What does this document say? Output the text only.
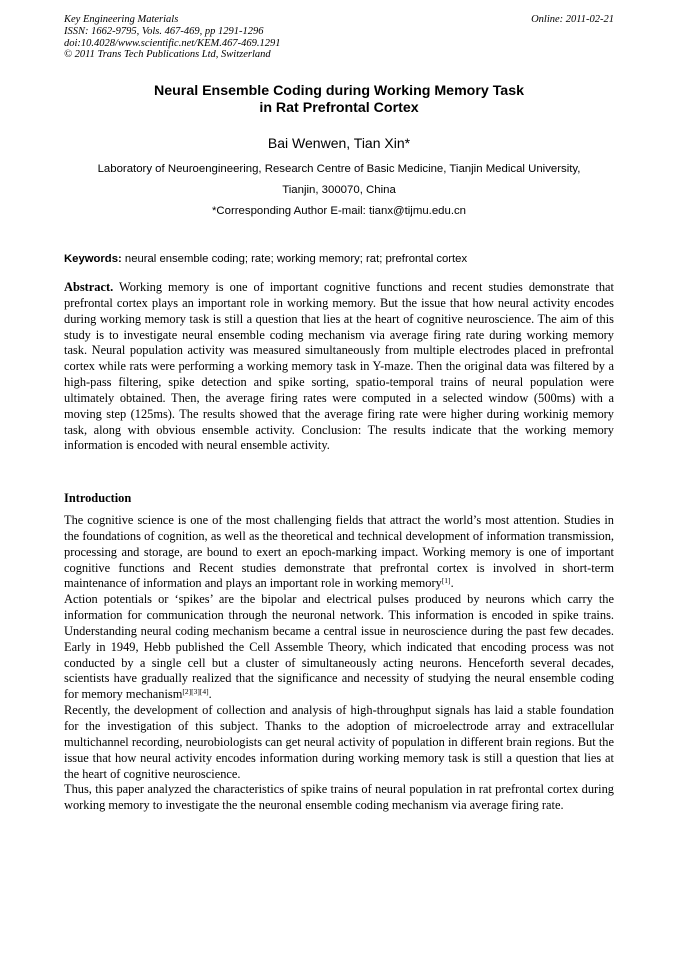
Key Engineering Materials
ISSN: 1662-9795, Vols. 467-469, pp 1291-1296
doi:10.4028/www.scientific.net/KEM.467-469.1291
© 2011 Trans Tech Publications Ltd, Switzerland
Online: 2011-02-21
Neural Ensemble Coding during Working Memory Task
in Rat Prefrontal Cortex
Bai Wenwen, Tian Xin*
Laboratory of Neuroengineering, Research Centre of Basic Medicine, Tianjin Medical University,
Tianjin, 300070, China
*Corresponding Author E-mail: tianx@tijmu.edu.cn
Keywords: neural ensemble coding; rate; working memory; rat; prefrontal cortex
Abstract. Working memory is one of important cognitive functions and recent studies demonstrate that prefrontal cortex plays an important role in working memory. But the issue that how neural activity encodes during working memory task is still a question that lies at the heart of cognitive neuroscience. The aim of this study is to investigate neural ensemble coding mechanism via average firing rate during working memory task. Neural population activity was measured simultaneously from multiple electrodes placed in prefrontal cortex while rats were performing a working memory task in Y-maze. Then the original data was filtered by a high-pass filtering, spike detection and spike sorting, spatio-temporal trains of neural population were ultimately obtained. Then, the average firing rates were computed in a selected window (500ms) with a moving step (125ms). The results showed that the average firing rate were higher during workinig memory task, along with obvious ensemble activity. Conclusion: The results indicate that the working memory information is encoded with neural ensemble activity.
Introduction

The cognitive science is one of the most challenging fields that attract the world’s most attention. Studies in the foundations of cognition, as well as the theoretical and technical development of information transmission, processing and storage, are bound to exert an epoch-marking impact. Working memory is one of important cognitive functions and Recent studies demonstrate that prefrontal cortex is involved in short-term maintenance of information and plays an important role in working memory[1].

Action potentials or ‘spikes’ are the bipolar and electrical pulses produced by neurons which carry the information for communication through the neuronal network. This information is encoded in spike trains. Understanding neural coding mechanism became a central issue in neuroscience during the past few decades. Early in 1949, Hebb published the Cell Assemble Theory, which indicated that encoding process was not conducted by a single cell but a cluster of simultaneously acting neurons. Henceforth several decades, scientists have gradually realized that the significance and necessity of studying the neural ensemble coding for memory mechanism[2][3][4].

Recently, the development of collection and analysis of high-throughput signals has laid a stable foundation for the investigation of this subject. Thanks to the adoption of microelectrode array and extracellular multichannel recording, neurobiologists can get neural activity of population in different brain regions. But the issue that how neural activity encodes information during working memory task is still a question that lies at the heart of cognitive neuroscience.

Thus, this paper analyzed the characteristics of spike trains of neural population in rat prefrontal cortex during working memory to investigate the the neuronal ensemble coding mechanism via average firing rate.
